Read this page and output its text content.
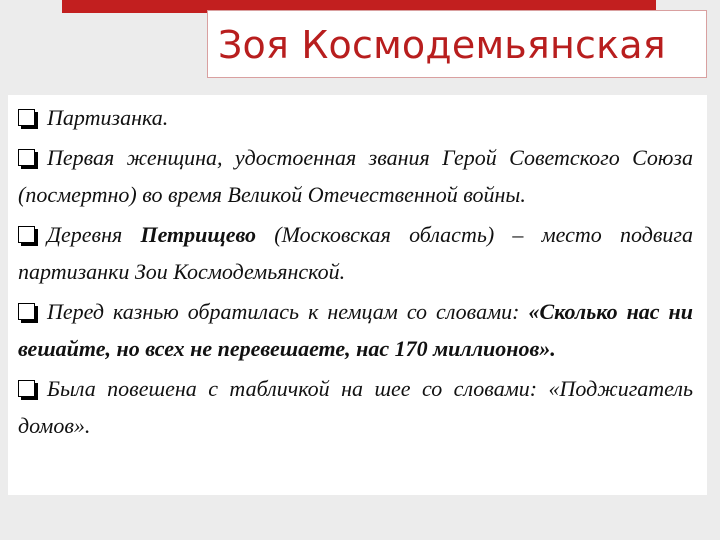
Зоя Космодемьянская
Партизанка.
Первая женщина, удостоенная звания Герой Советского Союза (посмертно) во время Великой Отечественной войны.
Деревня Петрищево (Московская область) – место подвига партизанки Зои Космодемьянской.
Перед казнью обратилась к немцам со словами: «Сколько нас ни вешайте, но всех не перевешаете, нас 170 миллионов».
Была повешена с табличкой на шее со словами: «Поджигатель домов».
